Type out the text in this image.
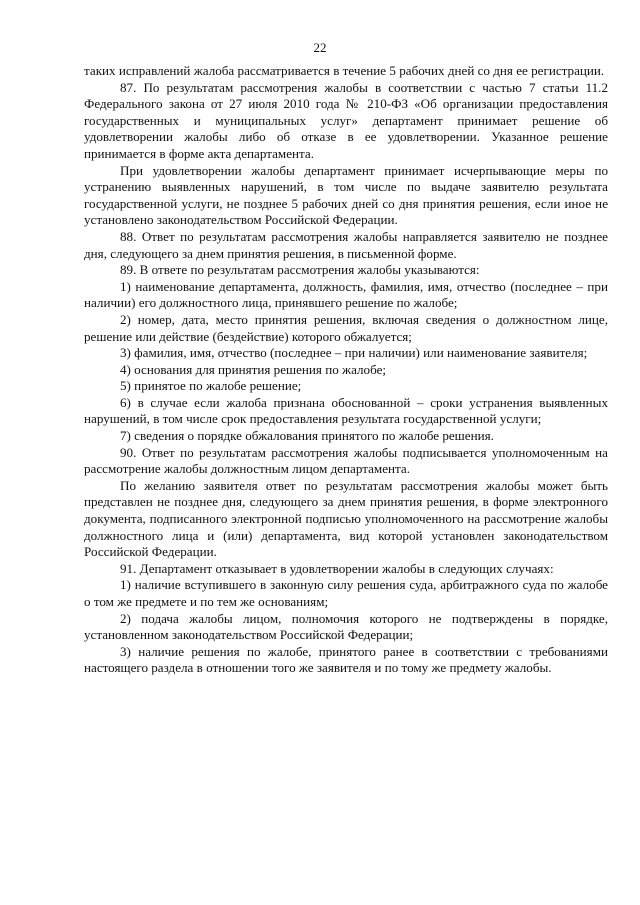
22

таких исправлений жалоба рассматривается в течение 5 рабочих дней со дня ее регистрации.

87. По результатам рассмотрения жалобы в соответствии с частью 7 статьи 11.2 Федерального закона от 27 июля 2010 года № 210-ФЗ «Об организации предоставления государственных и муниципальных услуг» департамент принимает решение об удовлетворении жалобы либо об отказе в ее удовлетворении. Указанное решение принимается в форме акта департамента.

При удовлетворении жалобы департамент принимает исчерпывающие меры по устранению выявленных нарушений, в том числе по выдаче заявителю результата государственной услуги, не позднее 5 рабочих дней со дня принятия решения, если иное не установлено законодательством Российской Федерации.

88. Ответ по результатам рассмотрения жалобы направляется заявителю не позднее дня, следующего за днем принятия решения, в письменной форме.

89. В ответе по результатам рассмотрения жалобы указываются:

1) наименование департамента, должность, фамилия, имя, отчество (последнее – при наличии) его должностного лица, принявшего решение по жалобе;

2) номер, дата, место принятия решения, включая сведения о должностном лице, решение или действие (бездействие) которого обжалуется;

3) фамилия, имя, отчество (последнее – при наличии) или наименование заявителя;

4) основания для принятия решения по жалобе;

5) принятое по жалобе решение;

6) в случае если жалоба признана обоснованной – сроки устранения выявленных нарушений, в том числе срок предоставления результата государственной услуги;

7) сведения о порядке обжалования принятого по жалобе решения.

90. Ответ по результатам рассмотрения жалобы подписывается уполномоченным на рассмотрение жалобы должностным лицом департамента.

По желанию заявителя ответ по результатам рассмотрения жалобы может быть представлен не позднее дня, следующего за днем принятия решения, в форме электронного документа, подписанного электронной подписью уполномоченного на рассмотрение жалобы должностного лица и (или) департамента, вид которой установлен законодательством Российской Федерации.

91. Департамент отказывает в удовлетворении жалобы в следующих случаях:

1) наличие вступившего в законную силу решения суда, арбитражного суда по жалобе о том же предмете и по тем же основаниям;

2) подача жалобы лицом, полномочия которого не подтверждены в порядке, установленном законодательством Российской Федерации;

3) наличие решения по жалобе, принятого ранее в соответствии с требованиями настоящего раздела в отношении того же заявителя и по тому же предмету жалобы.
